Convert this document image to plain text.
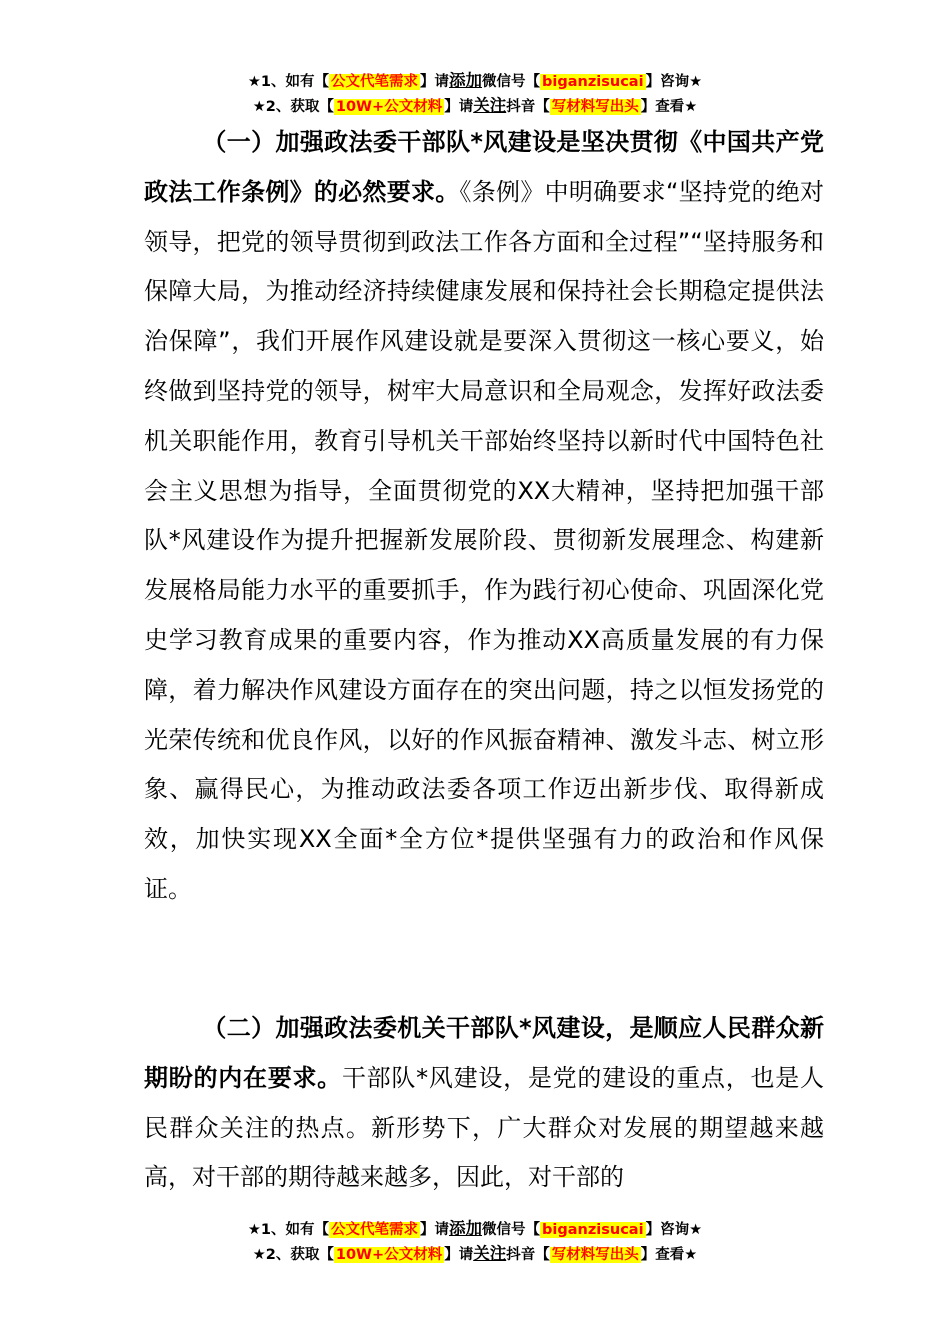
★1、如有【 公文代笔需求 】请添加微信号【 biganzisucai 】咨询★
★2、获取【 10W+公文材料 】请关注抖音【 写材料写出头 】查看★

（一）加强政法委干部队*风建设是坚决贯彻《中国共产党政法工作条例》的必然要求。《条例》中明确要求“坚持党的绝对领导，把党的领导贯彻到政法工作各方面和全过程”“坚持服务和保障大局，为推动经济持续健康发展和保持社会长期稳定提供法治保障”，我们开展作风建设就是要深入贯彻这一核心要义，始终做到坚持党的领导，树牢大局意识和全局观念，发挥好政法委机关职能作用，教育引导机关干部始终坚持以新时代中国特色社会主义思想为指导，全面贯彻党的XX大精神，坚持把加强干部队*风建设作为提升把握新发展阶段、贯彻新发展理念、构建新发展格局能力水平的重要抓手，作为践行初心使命、巩固深化党史学习教育成果的重要内容，作为推动XX高质量发展的有力保障，着力解决作风建设方面存在的突出问题，持之以恒发扬党的光荣传统和优良作风，以好的作风振奋精神、激发斗志、树立形象、赢得民心，为推动政法委各项工作迈出新步伐、取得新成效，加快实现XX全面*全方位*提供坚强有力的政治和作风保证。

（二）加强政法委机关干部队*风建设，是顺应人民群众新期盼的内在要求。干部队*风建设，是党的建设的重点，也是人民群众关注的热点。新形势下，广大群众对发展的期望越来越高，对干部的期待越来越多，因此，对干部的

★1、如有【 公文代笔需求 】请添加微信号【 biganzisucai 】咨询★
★2、获取【 10W+公文材料 】请关注抖音【 写材料写出头 】查看★
